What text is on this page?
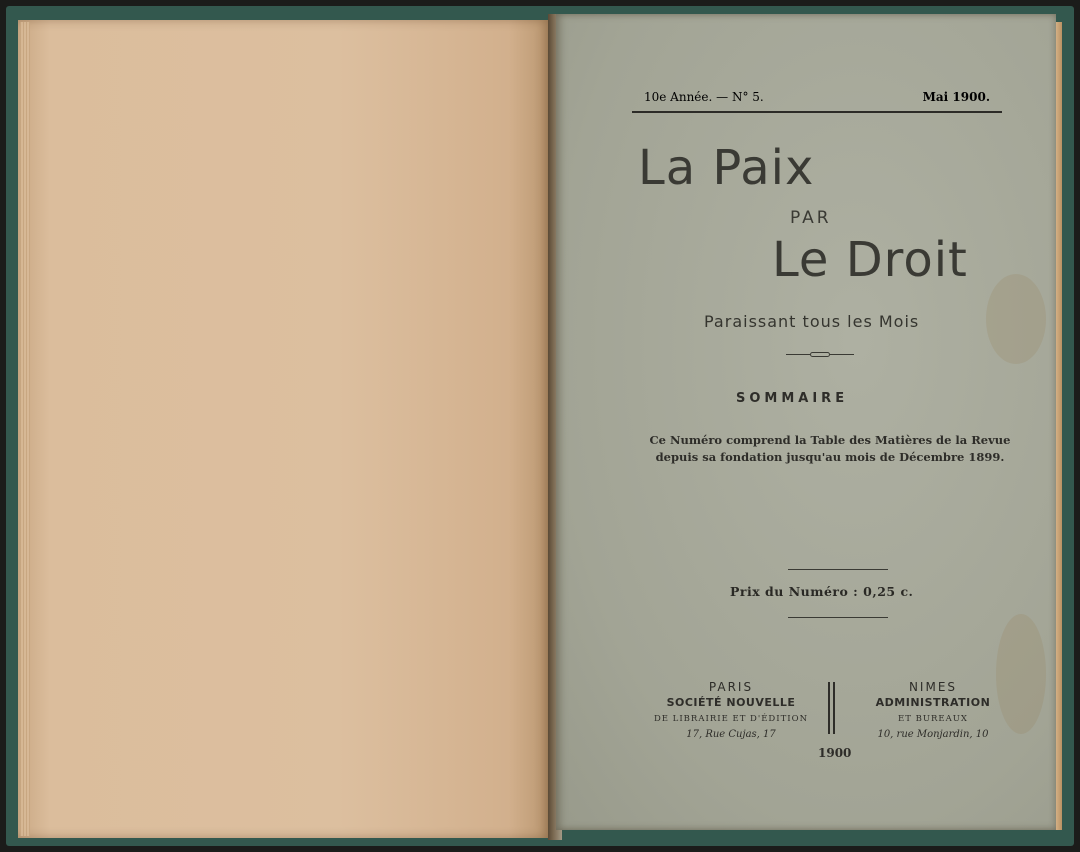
10e Année. — N° 5.	Mai 1900.
La Paix
PAR
Le Droit
Paraissant tous les Mois
SOMMAIRE
Ce Numéro comprend la Table des Matières de la Revue depuis sa fondation jusqu'au mois de Décembre 1899.
Prix du Numéro : 0,25 c.
PARIS
SOCIÉTÉ NOUVELLE
DE LIBRAIRIE ET D'ÉDITION
17, Rue Cujas, 17
NIMES
ADMINISTRATION
ET BUREAUX
10, rue Monjardin, 10
1900
